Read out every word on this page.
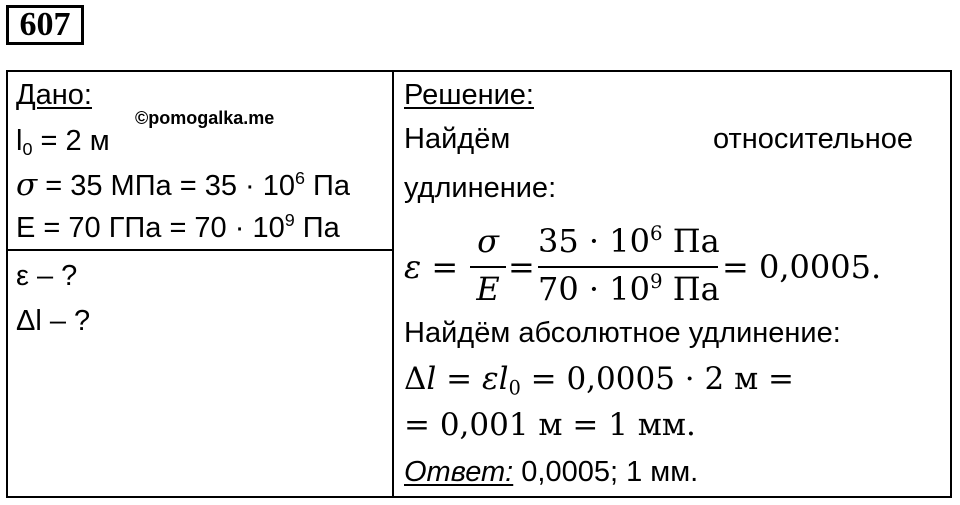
607
Дано:
©pomogalka.me
$l_0 = 2$ м
σ = 35 МПа = $35 \cdot 10^6$ Па
E = 70 ГПа = $70 \cdot 10^9$ Па
ε – ?
Δl – ?
Решение:
Найдём	относительное
удлинение:
ε =
σ
E
=
$35 \cdot 10^6$ Па
$70 \cdot 10^9$ Па
= 0,0005.
Найдём абсолютное удлинение:
$\Delta l = \varepsilon l_0 = 0,0005 \cdot 2$ м =
= 0,001 м = 1 мм.
Ответ: 0,0005; 1 мм.
